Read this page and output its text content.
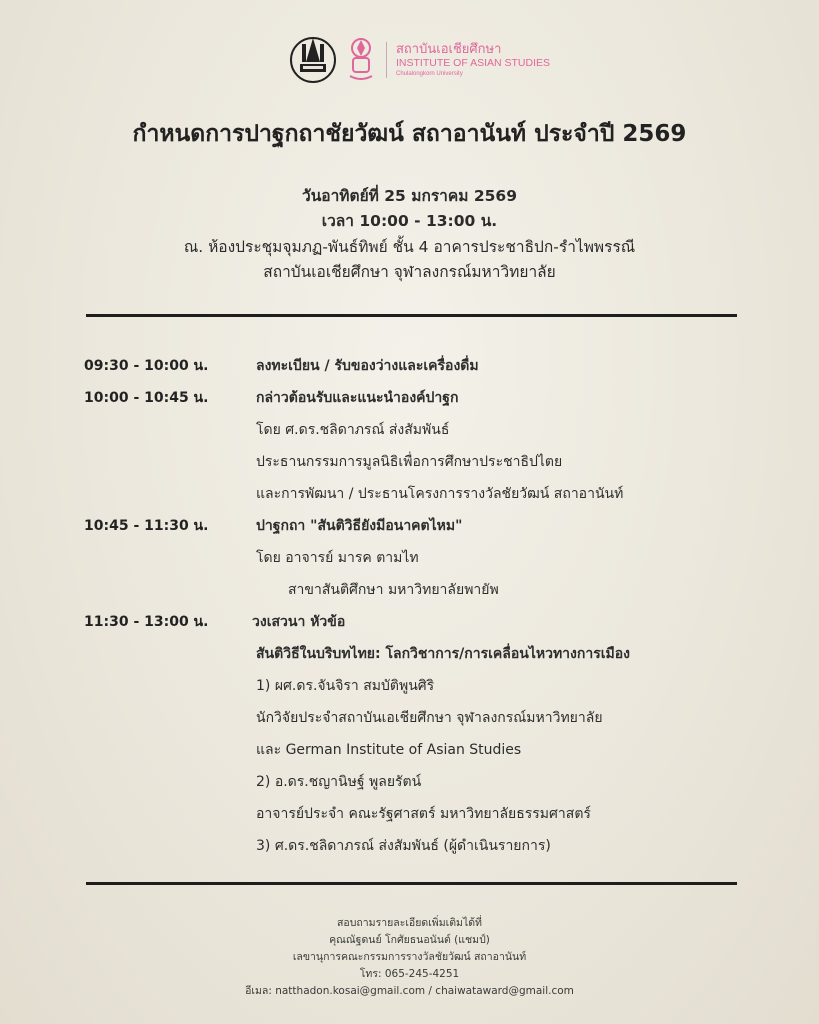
สถาบันเอเชียศึกษา
INSTITUTE OF ASIAN STUDIES
Chulalongkorn University
กำหนดการปาฐกถาชัยวัฒน์ สถาอานันท์ ประจำปี 2569
วันอาทิตย์ที่ 25 มกราคม 2569
เวลา 10:00 - 13:00 น.
ณ. ห้องประชุมจุมภฏ-พันธ์ทิพย์ ชั้น 4 อาคารประชาธิปก-รำไพพรรณี
สถาบันเอเชียศึกษา จุฬาลงกรณ์มหาวิทยาลัย
09:30 - 10:00 น.	ลงทะเบียน / รับของว่างและเครื่องดื่ม
10:00 - 10:45 น.	กล่าวต้อนรับและแนะนำองค์ปาฐก
โดย ศ.ดร.ชลิดาภรณ์ ส่งสัมพันธ์
ประธานกรรมการมูลนิธิเพื่อการศึกษาประชาธิปไตย
และการพัฒนา / ประธานโครงการรางวัลชัยวัฒน์ สถาอานันท์
10:45 - 11:30 น.	ปาฐกถา "สันติวิธียังมีอนาคตไหม"
โดย อาจารย์ มารค ตามไท
สาขาสันติศึกษา มหาวิทยาลัยพายัพ
11:30 - 13:00 น.	วงเสวนา หัวข้อ
สันติวิธีในบริบทไทย: โลกวิชาการ/การเคลื่อนไหวทางการเมือง
1) ผศ.ดร.จันจิรา สมบัติพูนศิริ
นักวิจัยประจำสถาบันเอเชียศึกษา จุฬาลงกรณ์มหาวิทยาลัย
และ German Institute of Asian Studies
2) อ.ดร.ชญานิษฐ์ พูลยรัตน์
อาจารย์ประจำ คณะรัฐศาสตร์ มหาวิทยาลัยธรรมศาสตร์
3) ศ.ดร.ชลิดาภรณ์ ส่งสัมพันธ์ (ผู้ดำเนินรายการ)
สอบถามรายละเอียดเพิ่มเติมได้ที่
คุณณัฐดนย์ โกศัยธนอนันต์ (แชมป์)
เลขานุการคณะกรรมการรางวัลชัยวัฒน์ สถาอานันท์
โทร: 065-245-4251
อีเมล: natthadon.kosai@gmail.com / chaiwataward@gmail.com
